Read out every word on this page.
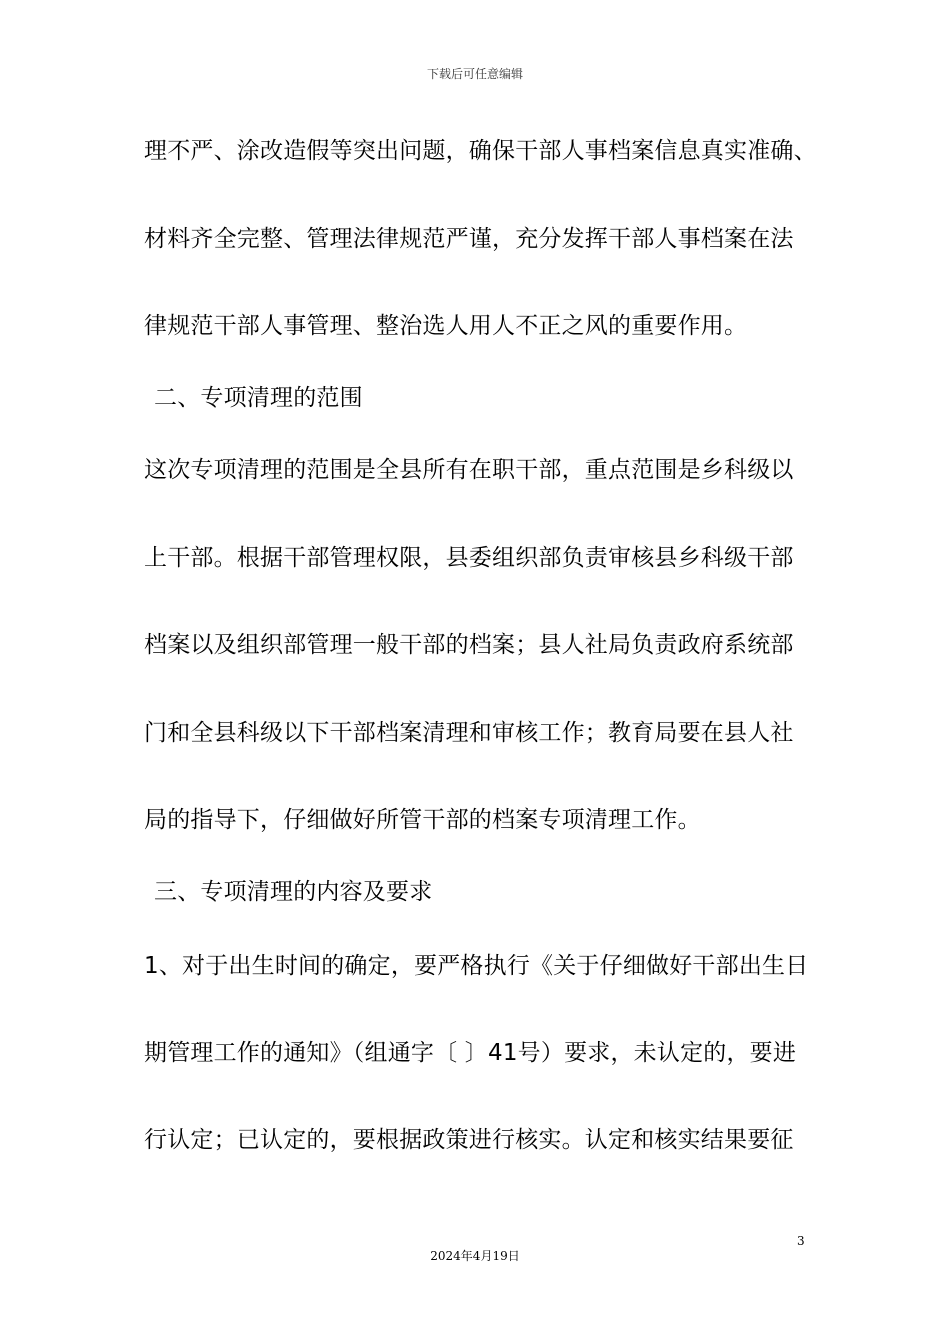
下载后可任意编辑
理不严、涂改造假等突出问题，确保干部人事档案信息真实准确、
材料齐全完整、管理法律规范严谨，充分发挥干部人事档案在法
律规范干部人事管理、整治选人用人不正之风的重要作用。
二、专项清理的范围
这次专项清理的范围是全县所有在职干部，重点范围是乡科级以
上干部。根据干部管理权限，县委组织部负责审核县乡科级干部
档案以及组织部管理一般干部的档案；县人社局负责政府系统部
门和全县科级以下干部档案清理和审核工作；教育局要在县人社
局的指导下，仔细做好所管干部的档案专项清理工作。
三、专项清理的内容及要求
1、对于出生时间的确定，要严格执行《关于仔细做好干部出生日
期管理工作的通知》（组通字〔 〕41号）要求，未认定的，要进
行认定；已认定的，要根据政策进行核实。认定和核实结果要征
3
2024年4月19日
